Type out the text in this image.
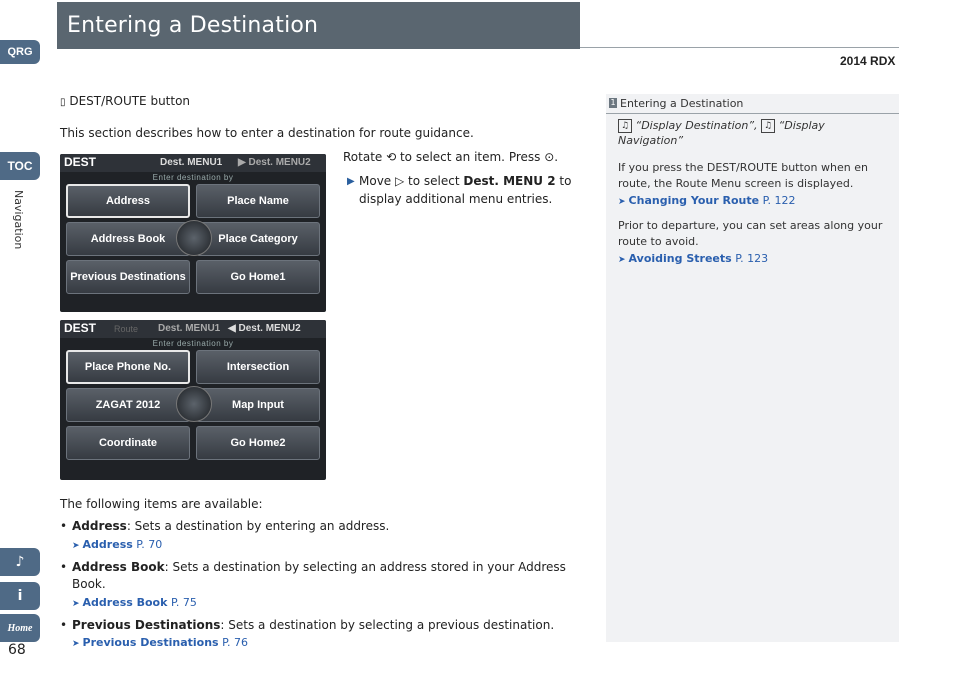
Entering a Destination
2014 RDX
QRG
TOC
Navigation
♪
i
Home
68
▯ DEST/ROUTE button
This section describes how to enter a destination for route guidance.
Rotate ⟲ to select an item. Press ⊙.
▶ Move ▷ to select Dest. MENU 2 to display additional menu entries.
DEST	Dest. MENU1 ▶ Dest. MENU2
Enter destination by
Address	Place Name
Address Book	Place Category
Previous Destinations	Go Home1
DEST Route Dest. MENU1 ◀ Dest. MENU2
Enter destination by
Place Phone No.	Intersection
ZAGAT 2012	Map Input
Coordinate	Go Home2
The following items are available:
• Address: Sets a destination by entering an address.
➤ Address P. 70
• Address Book: Sets a destination by selecting an address stored in your Address Book.
➤ Address Book P. 75
• Previous Destinations: Sets a destination by selecting a previous destination.
➤ Previous Destinations P. 76
1 Entering a Destination
♫ “Display Destination”, ♫ “Display Navigation”
If you press the DEST/ROUTE button when en route, the Route Menu screen is displayed.
➤ Changing Your Route P. 122
Prior to departure, you can set areas along your route to avoid.
➤ Avoiding Streets P. 123
